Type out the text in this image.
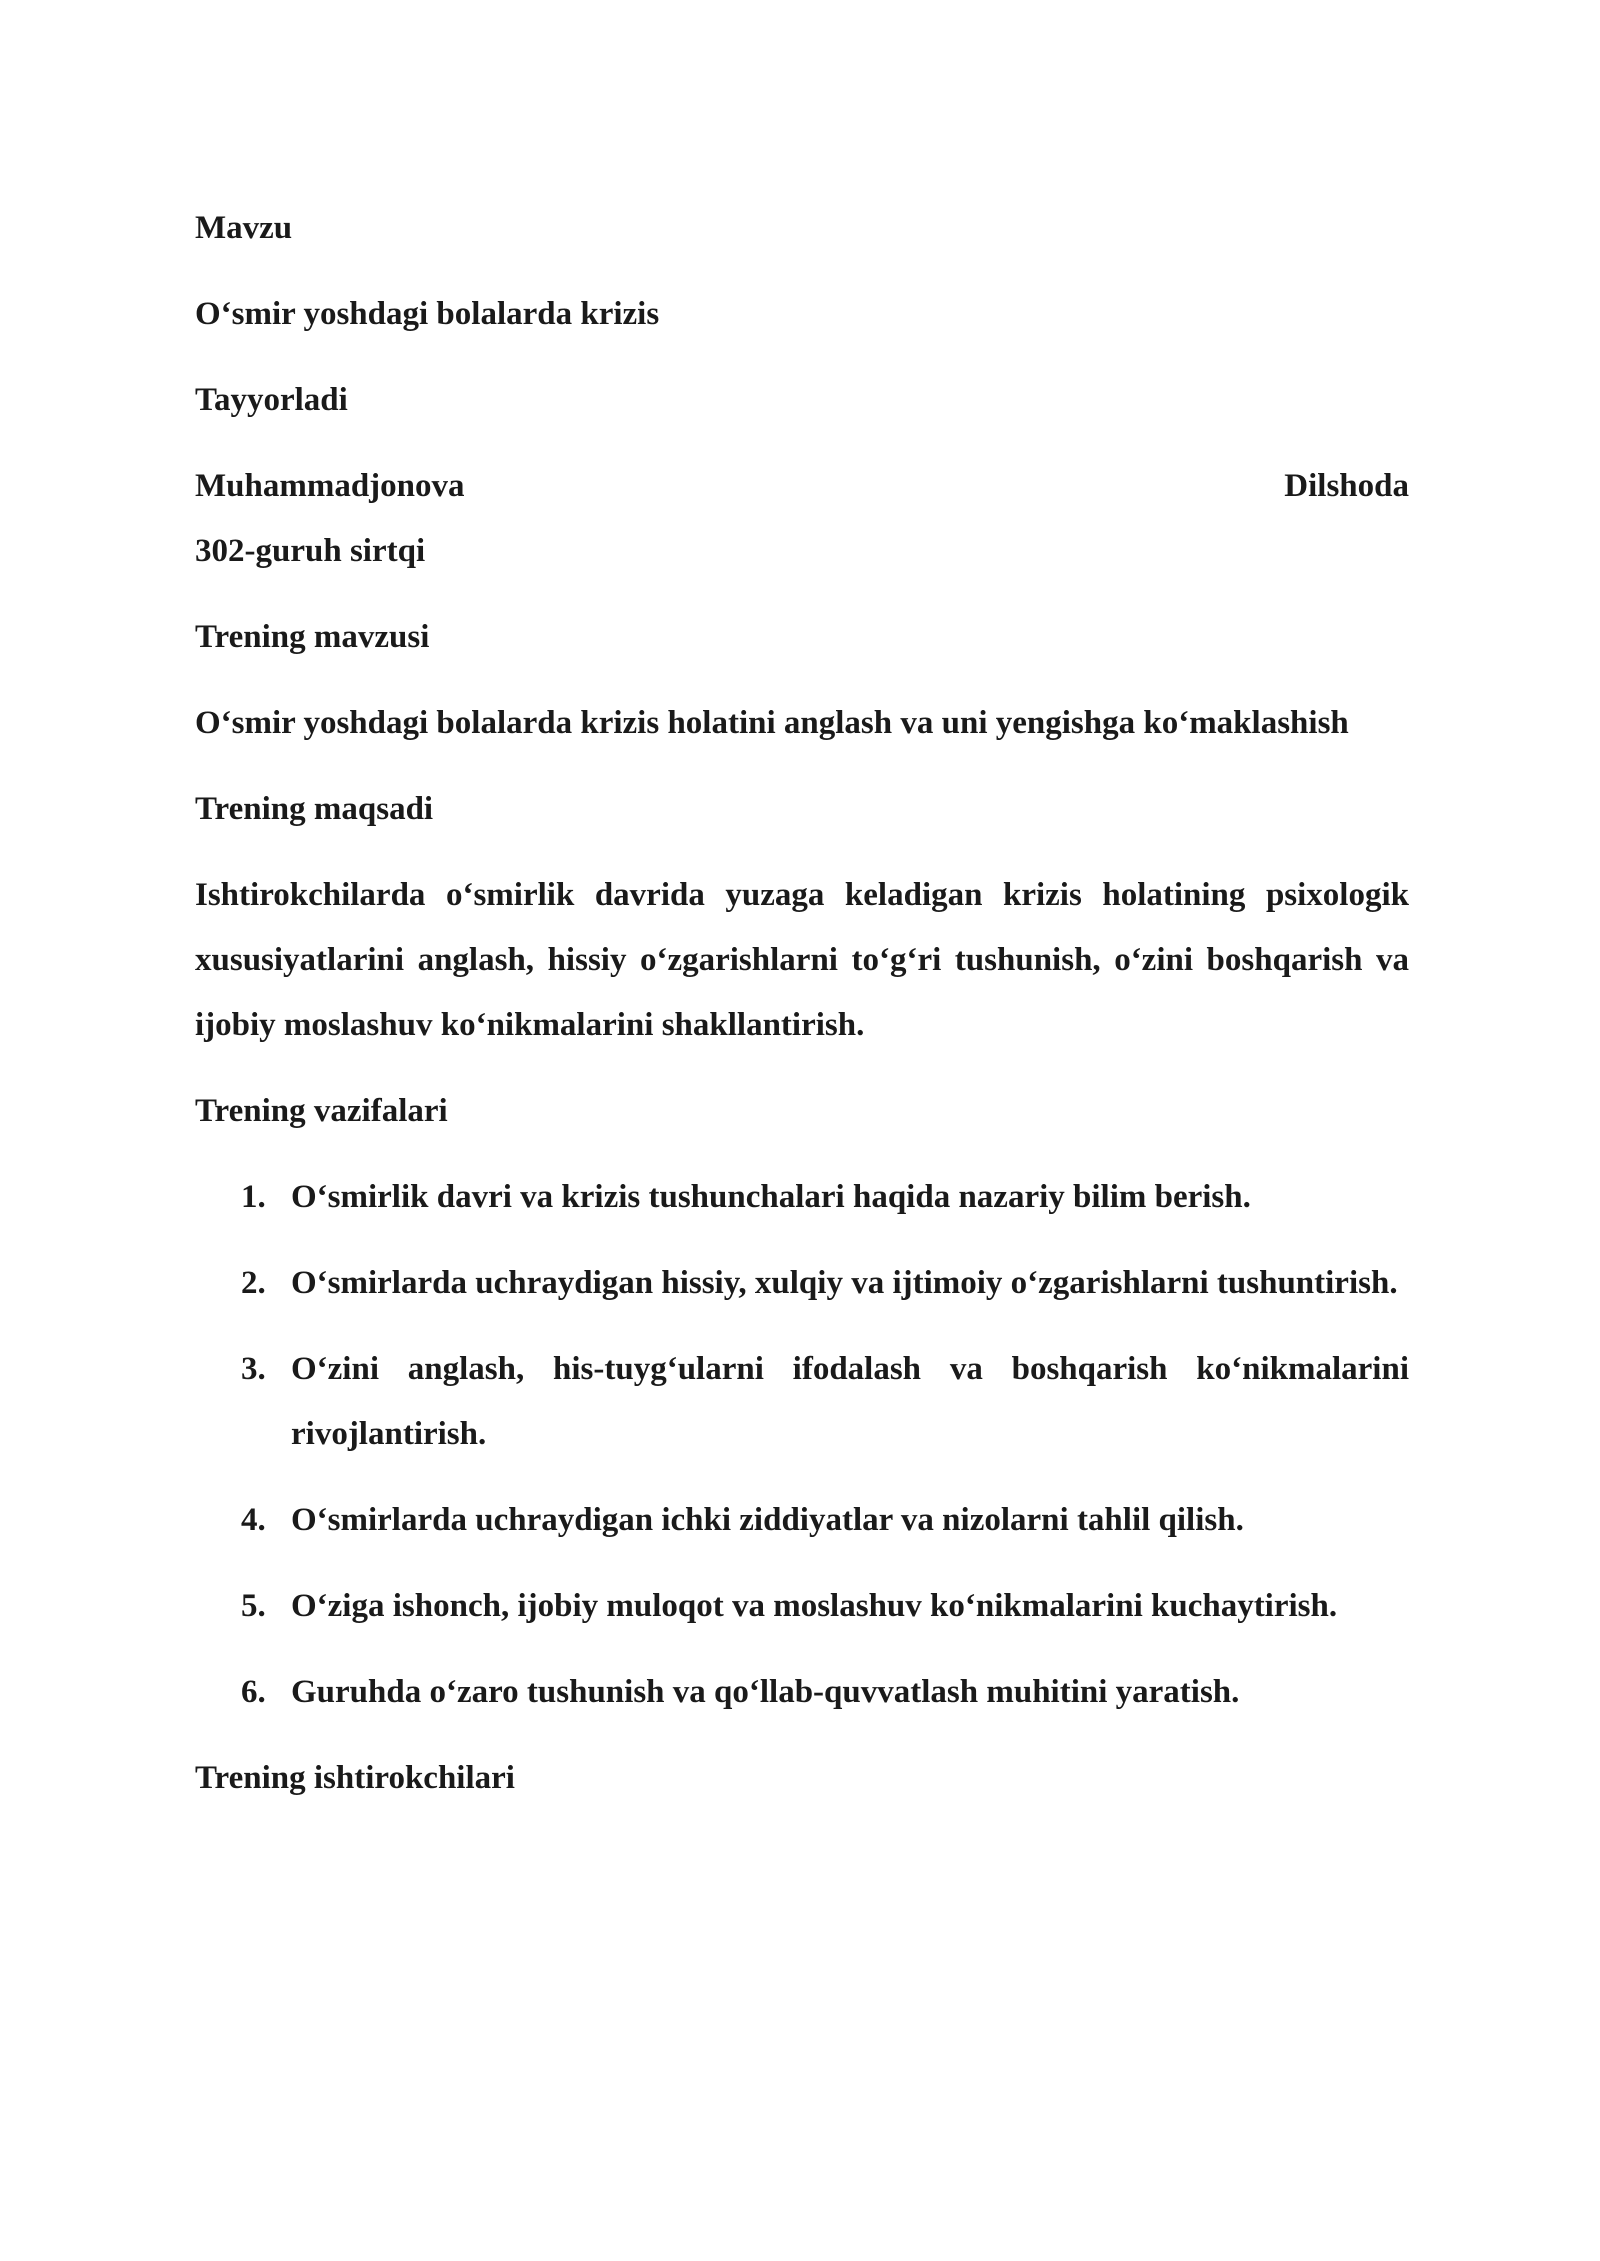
Mavzu

O‘smir yoshdagi bolalarda krizis

Tayyorladi

Muhammadjonova	Dilshoda

302-guruh sirtqi

Trening mavzusi

O‘smir yoshdagi bolalarda krizis holatini anglash va uni yengishga ko‘maklashish

Trening maqsadi

Ishtirokchilarda o‘smirlik davrida yuzaga keladigan krizis holatining psixologik xususiyatlarini anglash, hissiy o‘zgarishlarni to‘g‘ri tushunish, o‘zini boshqarish va ijobiy moslashuv ko‘nikmalarini shakllantirish.

Trening vazifalari

1. O‘smirlik davri va krizis tushunchalari haqida nazariy bilim berish.
2. O‘smirlarda uchraydigan hissiy, xulqiy va ijtimoiy o‘zgarishlarni tushuntirish.
3. O‘zini anglash, his-tuyg‘ularni ifodalash va boshqarish ko‘nikmalarini rivojlantirish.
4. O‘smirlarda uchraydigan ichki ziddiyatlar va nizolarni tahlil qilish.
5. O‘ziga ishonch, ijobiy muloqot va moslashuv ko‘nikmalarini kuchaytirish.
6. Guruhda o‘zaro tushunish va qo‘llab-quvvatlash muhitini yaratish.

Trening ishtirokchilari
